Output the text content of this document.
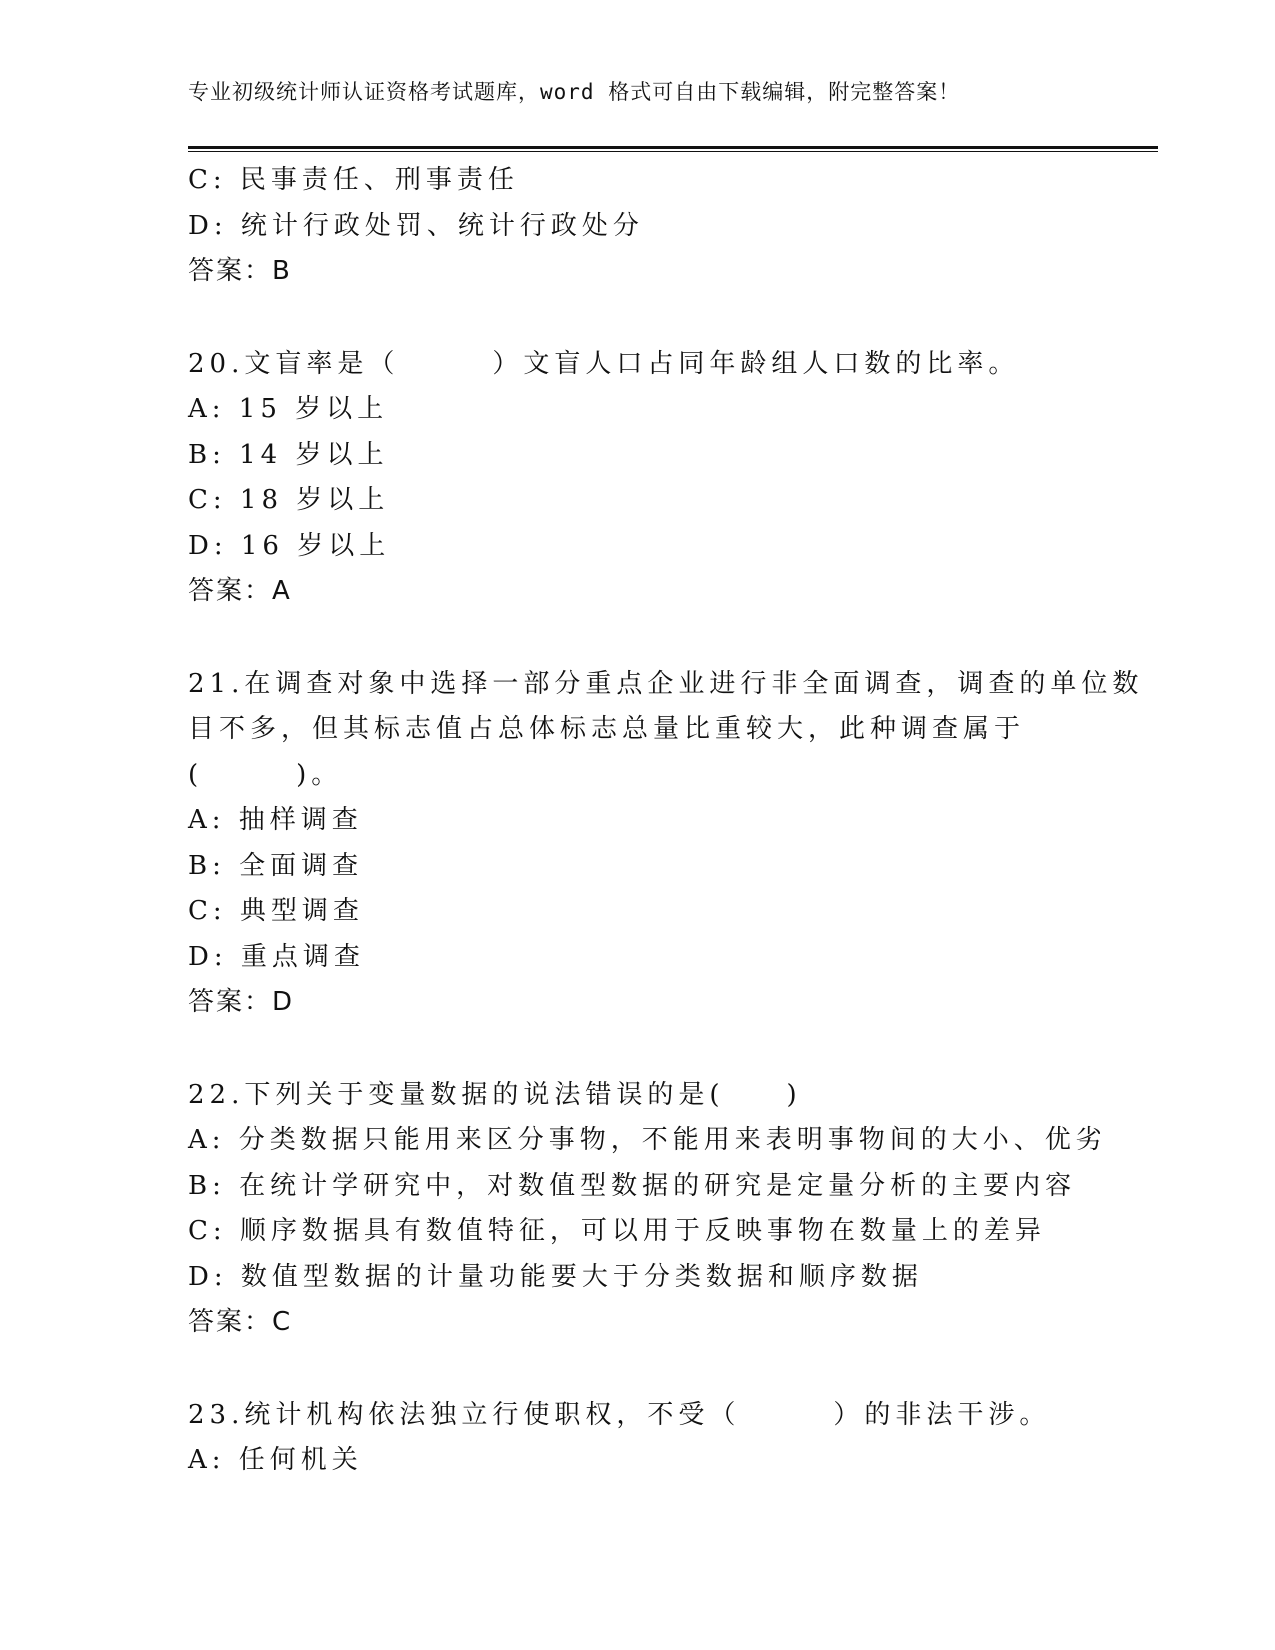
专业初级统计师认证资格考试题库，word 格式可自由下载编辑，附完整答案！
C: 民事责任、刑事责任
D: 统计行政处罚、统计行政处分
答案：B
20.文盲率是（　　　）文盲人口占同年龄组人口数的比率。
A: 15 岁以上
B: 14 岁以上
C: 18 岁以上
D: 16 岁以上
答案：A
21.在调查对象中选择一部分重点企业进行非全面调查，调查的单位数
目不多，但其标志值占总体标志总量比重较大，此种调查属于
(　　　)。
A: 抽样调查
B: 全面调查
C: 典型调查
D: 重点调查
答案：D
22.下列关于变量数据的说法错误的是(　　)
A: 分类数据只能用来区分事物，不能用来表明事物间的大小、优劣
B: 在统计学研究中，对数值型数据的研究是定量分析的主要内容
C: 顺序数据具有数值特征，可以用于反映事物在数量上的差异
D: 数值型数据的计量功能要大于分类数据和顺序数据
答案：C
23.统计机构依法独立行使职权，不受（　　　）的非法干涉。
A: 任何机关
